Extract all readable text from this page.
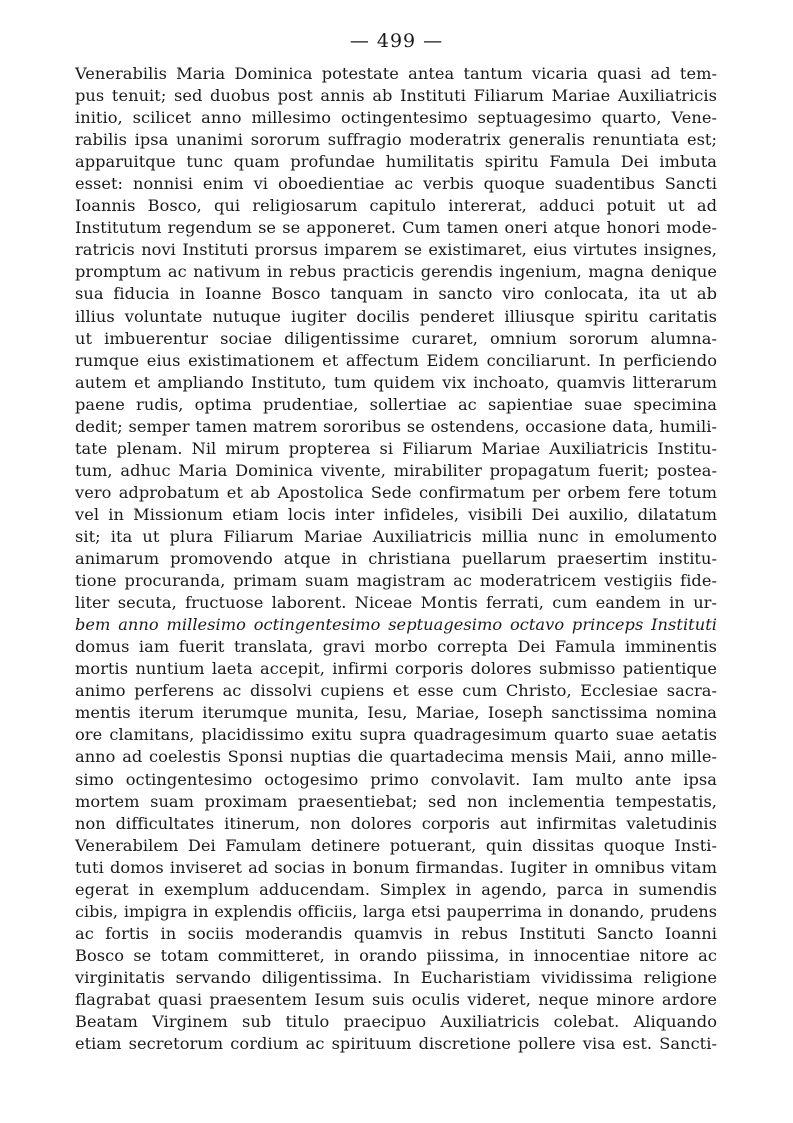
— 499 —
Venerabilis Maria Dominica potestate antea tantum vicaria quasi ad tem-
pus tenuit; sed duobus post annis ab Instituti Filiarum Mariae Auxiliatricis
initio, scilicet anno millesimo octingentesimo septuagesimo quarto, Vene-
rabilis ipsa unanimi sororum suffragio moderatrix generalis renuntiata est;
apparuitque tunc quam profundae humilitatis spiritu Famula Dei imbuta
esset: nonnisi enim vi oboedientiae ac verbis quoque suadentibus Sancti
Ioannis Bosco, qui religiosarum capitulo intererat, adduci potuit ut ad
Institutum regendum se se apponeret. Cum tamen oneri atque honori mode-
ratricis novi Instituti prorsus imparem se existimaret, eius virtutes insignes,
promptum ac nativum in rebus practicis gerendis ingenium, magna denique
sua fiducia in Ioanne Bosco tanquam in sancto viro conlocata, ita ut ab
illius voluntate nutuque iugiter docilis penderet illiusque spiritu caritatis
ut imbuerentur sociae diligentissime curaret, omnium sororum alumna-
rumque eius existimationem et affectum Eidem conciliarunt. In perficiendo
autem et ampliando Instituto, tum quidem vix inchoato, quamvis litterarum
paene rudis, optima prudentiae, sollertiae ac sapientiae suae specimina
dedit; semper tamen matrem sororibus se ostendens, occasione data, humili-
tate plenam. Nil mirum propterea si Filiarum Mariae Auxiliatricis Institu-
tum, adhuc Maria Dominica vivente, mirabiliter propagatum fuerit; postea-
vero adprobatum et ab Apostolica Sede confirmatum per orbem fere totum
vel in Missionum etiam locis inter infideles, visibili Dei auxilio, dilatatum
sit; ita ut plura Filiarum Mariae Auxiliatricis millia nunc in emolumento
animarum promovendo atque in christiana puellarum praesertim institu-
tione procuranda, primam suam magistram ac moderatricem vestigiis fide-
liter secuta, fructuose laborent. Niceae Montis ferrati, cum eandem in ur-
bem anno millesimo octingentesimo septuagesimo octavo princeps Instituti
domus iam fuerit translata, gravi morbo correpta Dei Famula imminentis
mortis nuntium laeta accepit, infirmi corporis dolores submisso patientique
animo perferens ac dissolvi cupiens et esse cum Christo, Ecclesiae sacra-
mentis iterum iterumque munita, Iesu, Mariae, Ioseph sanctissima nomina
ore clamitans, placidissimo exitu supra quadragesimum quarto suae aetatis
anno ad coelestis Sponsi nuptias die quartadecima mensis Maii, anno mille-
simo octingentesimo octogesimo primo convolavit. Iam multo ante ipsa
mortem suam proximam praesentiebat; sed non inclementia tempestatis,
non difficultates itinerum, non dolores corporis aut infirmitas valetudinis
Venerabilem Dei Famulam detinere potuerant, quin dissitas quoque Insti-
tuti domos inviseret ad socias in bonum firmandas. Iugiter in omnibus vitam
egerat in exemplum adducendam. Simplex in agendo, parca in sumendis
cibis, impigra in explendis officiis, larga etsi pauperrima in donando, prudens
ac fortis in sociis moderandis quamvis in rebus Instituti Sancto Ioanni
Bosco se totam committeret, in orando piissima, in innocentiae nitore ac
virginitatis servando diligentissima. In Eucharistiam vividissima religione
flagrabat quasi praesentem Iesum suis oculis videret, neque minore ardore
Beatam Virginem sub titulo praecipuo Auxiliatricis colebat. Aliquando
etiam secretorum cordium ac spirituum discretione pollere visa est. Sancti-
